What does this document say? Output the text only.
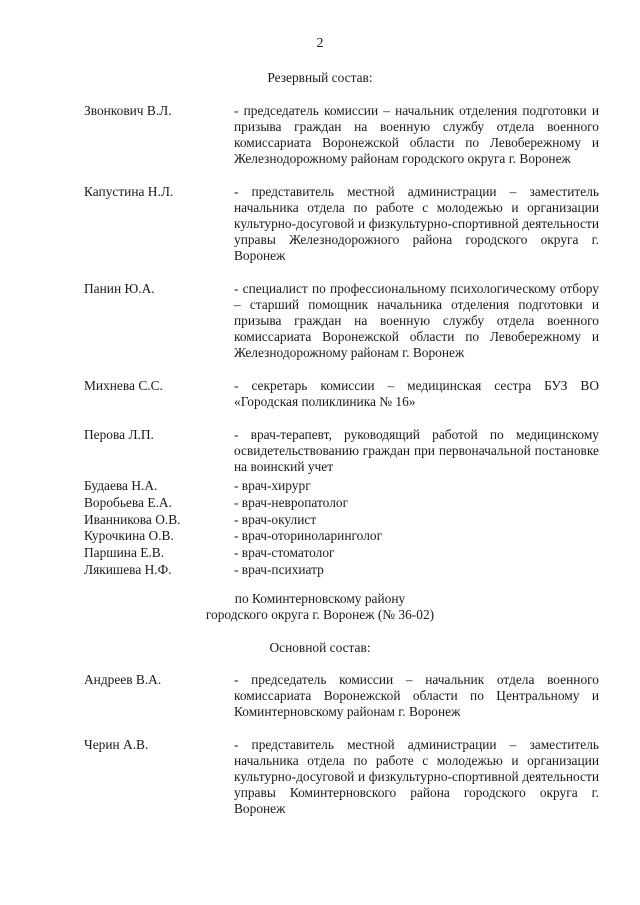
2
Резервный состав:
Звонкович В.Л.	- председатель комиссии – начальник отделения подготовки и призыва граждан на военную службу отдела военного комиссариата Воронежской области по Левобережному и Железнодорожному районам городского округа г. Воронеж
Капустина Н.Л.	- представитель местной администрации – заместитель начальника отдела по работе с молодежью и организации культурно-досуговой и физкультурно-спортивной деятельности управы Железнодорожного района городского округа г. Воронеж
Панин Ю.А.	- специалист по профессиональному психологическому отбору – старший помощник начальника отделения подготовки и призыва граждан на военную службу отдела военного комиссариата Воронежской области по Левобережному и Железнодорожному районам г. Воронеж
Михнева С.С.	- секретарь комиссии – медицинская сестра БУЗ ВО «Городская поликлиника № 16»
Перова Л.П.	- врач-терапевт, руководящий работой по медицинскому освидетельствованию граждан при первоначальной постановке на воинский учет
Будаева Н.А.	- врач-хирург
Воробьева Е.А.	- врач-невропатолог
Иванникова О.В.	- врач-окулист
Курочкина О.В.	- врач-оториноларинголог
Паршина Е.В.	- врач-стоматолог
Лякишева Н.Ф.	- врач-психиатр
по Коминтерновскому району
городского округа г. Воронеж (№ 36-02)
Основной состав:
Андреев В.А.	- председатель комиссии – начальник отдела военного комиссариата Воронежской области по Центральному и Коминтерновскому районам г. Воронеж
Черин А.В.	- представитель местной администрации – заместитель начальника отдела по работе с молодежью и организации культурно-досуговой и физкультурно-спортивной деятельности управы Коминтерновского района городского округа г. Воронеж
